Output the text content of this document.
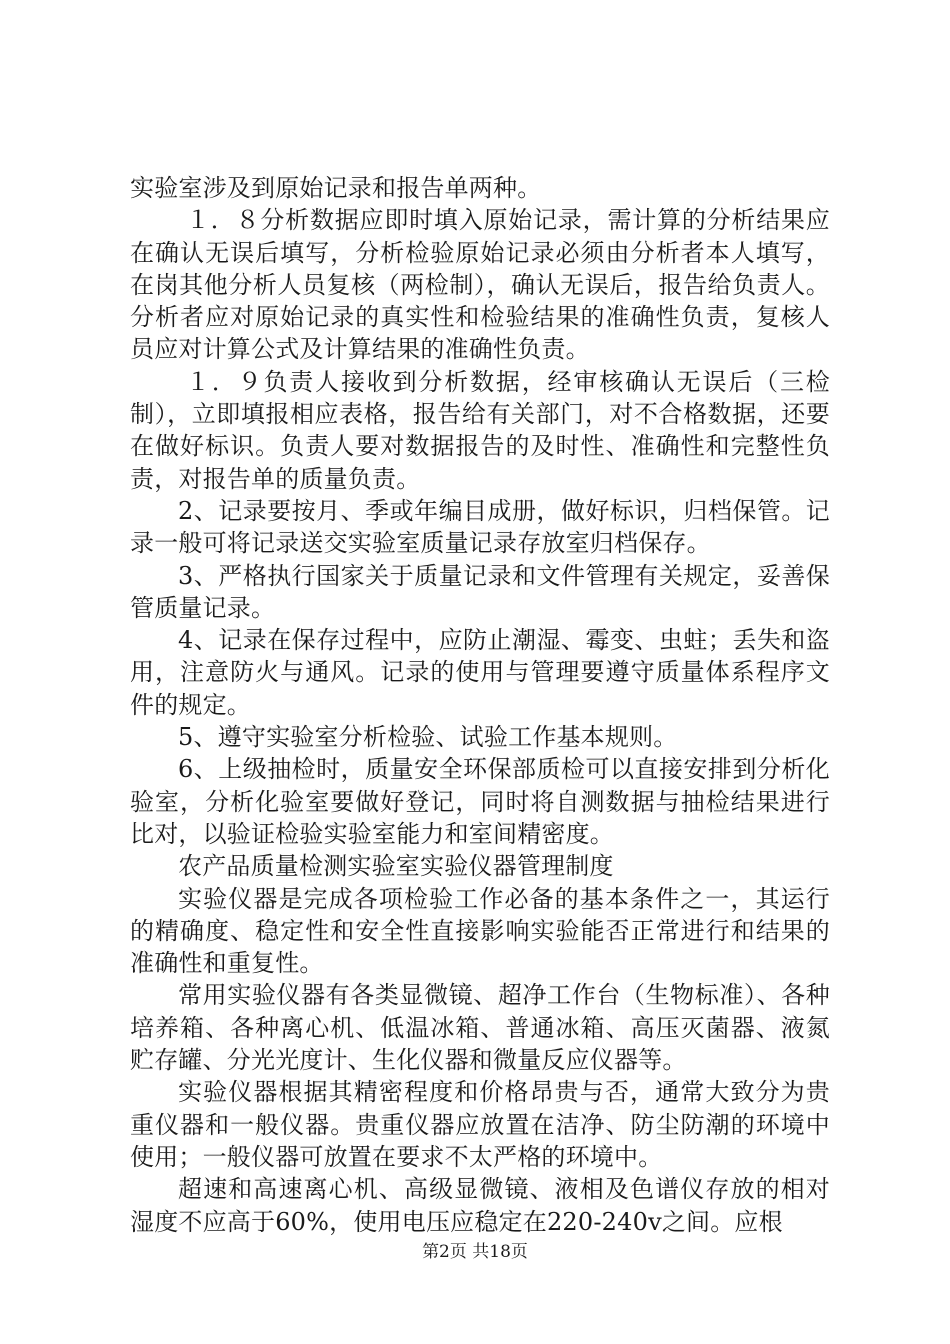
实验室涉及到原始记录和报告单两种。

１．８分析数据应即时填入原始记录，需计算的分析结果应在确认无误后填写，分析检验原始记录必须由分析者本人填写，在岗其他分析人员复核（两检制），确认无误后，报告给负责人。分析者应对原始记录的真实性和检验结果的准确性负责，复核人员应对计算公式及计算结果的准确性负责。

１．９负责人接收到分析数据，经审核确认无误后（三检制），立即填报相应表格，报告给有关部门，对不合格数据，还要在做好标识。负责人要对数据报告的及时性、准确性和完整性负责，对报告单的质量负责。

2、记录要按月、季或年编目成册，做好标识，归档保管。记录一般可将记录送交实验室质量记录存放室归档保存。

3、严格执行国家关于质量记录和文件管理有关规定，妥善保管质量记录。

4、记录在保存过程中，应防止潮湿、霉变、虫蛀；丢失和盗用，注意防火与通风。记录的使用与管理要遵守质量体系程序文件的规定。

5、遵守实验室分析检验、试验工作基本规则。

6、上级抽检时，质量安全环保部质检可以直接安排到分析化验室，分析化验室要做好登记，同时将自测数据与抽检结果进行比对，以验证检验实验室能力和室间精密度。

农产品质量检测实验室实验仪器管理制度

实验仪器是完成各项检验工作必备的基本条件之一，其运行的精确度、稳定性和安全性直接影响实验能否正常进行和结果的准确性和重复性。

常用实验仪器有各类显微镜、超净工作台（生物标准）、各种培养箱、各种离心机、低温冰箱、普通冰箱、高压灭菌器、液氮贮存罐、分光光度计、生化仪器和微量反应仪器等。

实验仪器根据其精密程度和价格昂贵与否，通常大致分为贵重仪器和一般仪器。贵重仪器应放置在洁净、防尘防潮的环境中使用；一般仪器可放置在要求不太严格的环境中。

超速和高速离心机、高级显微镜、液相及色谱仪存放的相对湿度不应高于60%，使用电压应稳定在220-240v之间。应根

第2页 共18页
